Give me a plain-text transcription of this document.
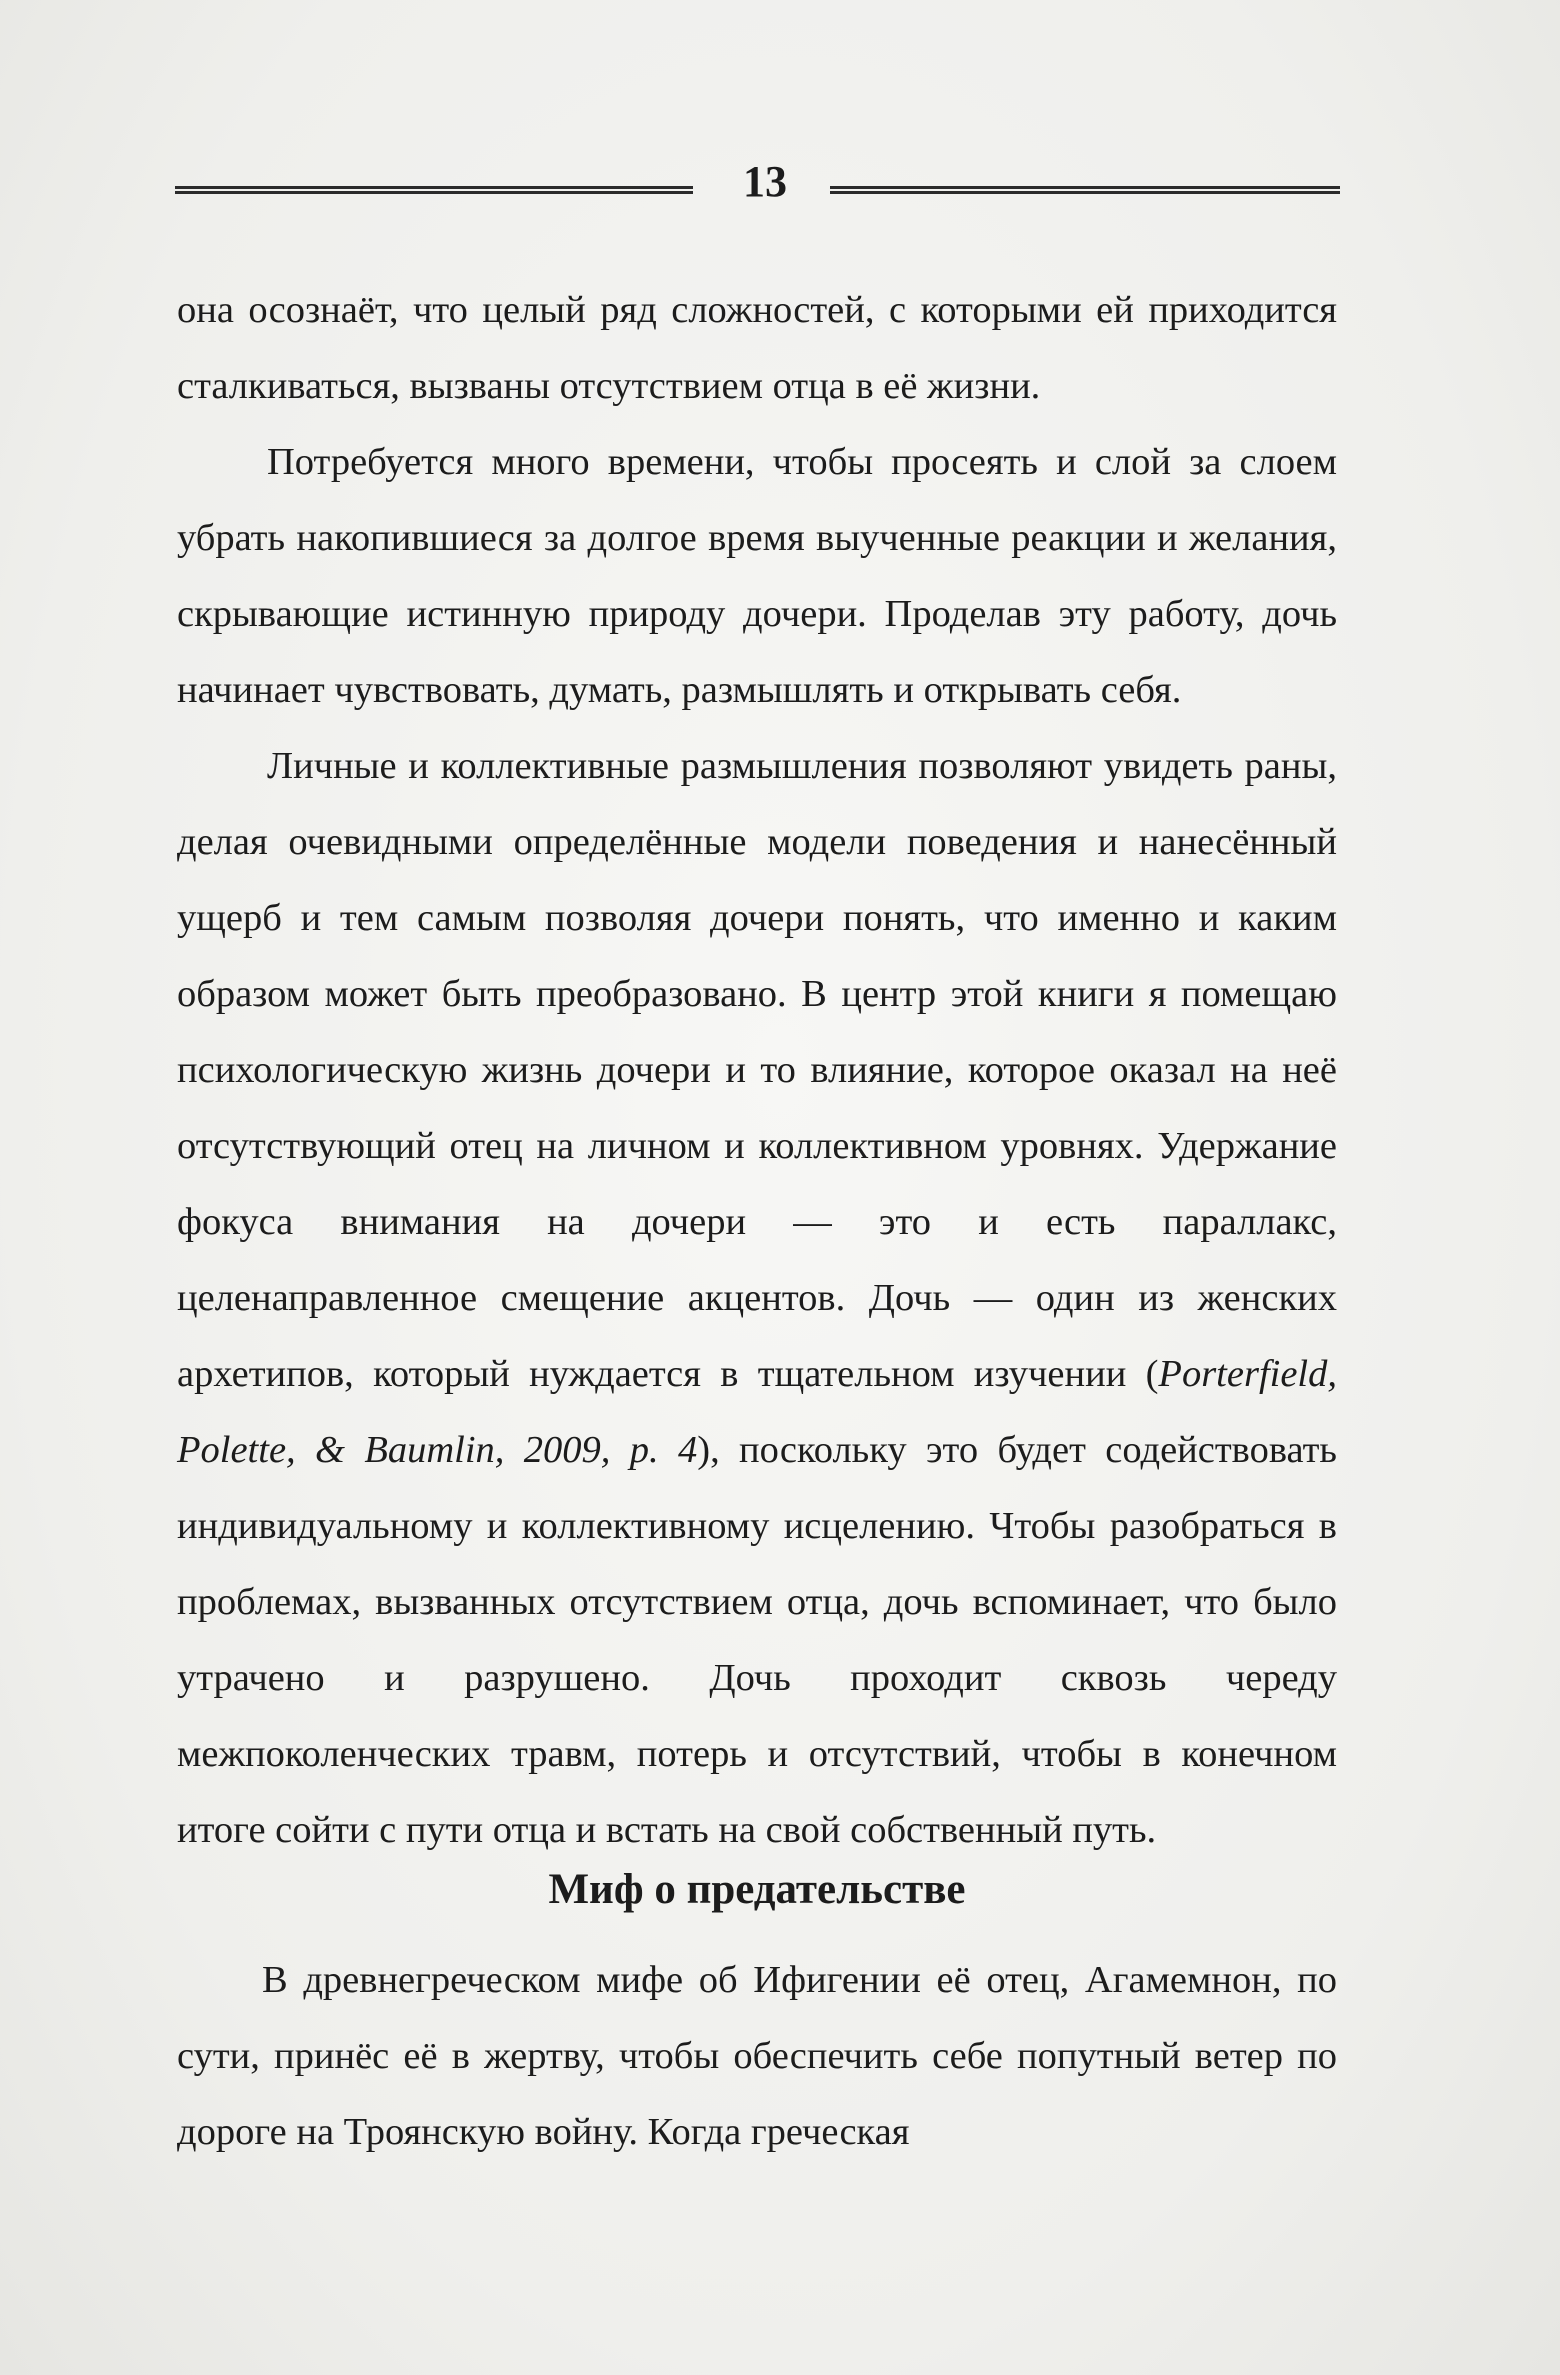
13

она осознаёт, что целый ряд сложностей, с которыми ей приходится сталкиваться, вызваны отсутствием отца в её жизни.

Потребуется много времени, чтобы просеять и слой за слоем убрать накопившиеся за долгое время выученные реакции и желания, скрывающие истинную природу дочери. Проделав эту работу, дочь начинает чувствовать, думать, размышлять и открывать себя.

Личные и коллективные размышления позволяют увидеть раны, делая очевидными определённые модели поведения и нанесённый ущерб и тем самым позволяя дочери понять, что именно и каким образом может быть преобразовано. В центр этой книги я помещаю психологическую жизнь дочери и то влияние, которое оказал на неё отсутствующий отец на личном и коллективном уровнях. Удержание фокуса внимания на дочери — это и есть параллакс, целенаправленное смещение акцентов. Дочь — один из женских архетипов, который нуждается в тщательном изучении (Porterfield, Polette, & Baumlin, 2009, p. 4), поскольку это будет содействовать индивидуальному и коллективному исцелению. Чтобы разобраться в проблемах, вызванных отсутствием отца, дочь вспоминает, что было утрачено и разрушено. Дочь проходит сквозь череду межпоколенческих травм, потерь и отсутствий, чтобы в конечном итоге сойти с пути отца и встать на свой собственный путь.

Миф о предательстве

В древнегреческом мифе об Ифигении её отец, Агамемнон, по сути, принёс её в жертву, чтобы обеспечить себе попутный ветер по дороге на Троянскую войну. Когда греческая
